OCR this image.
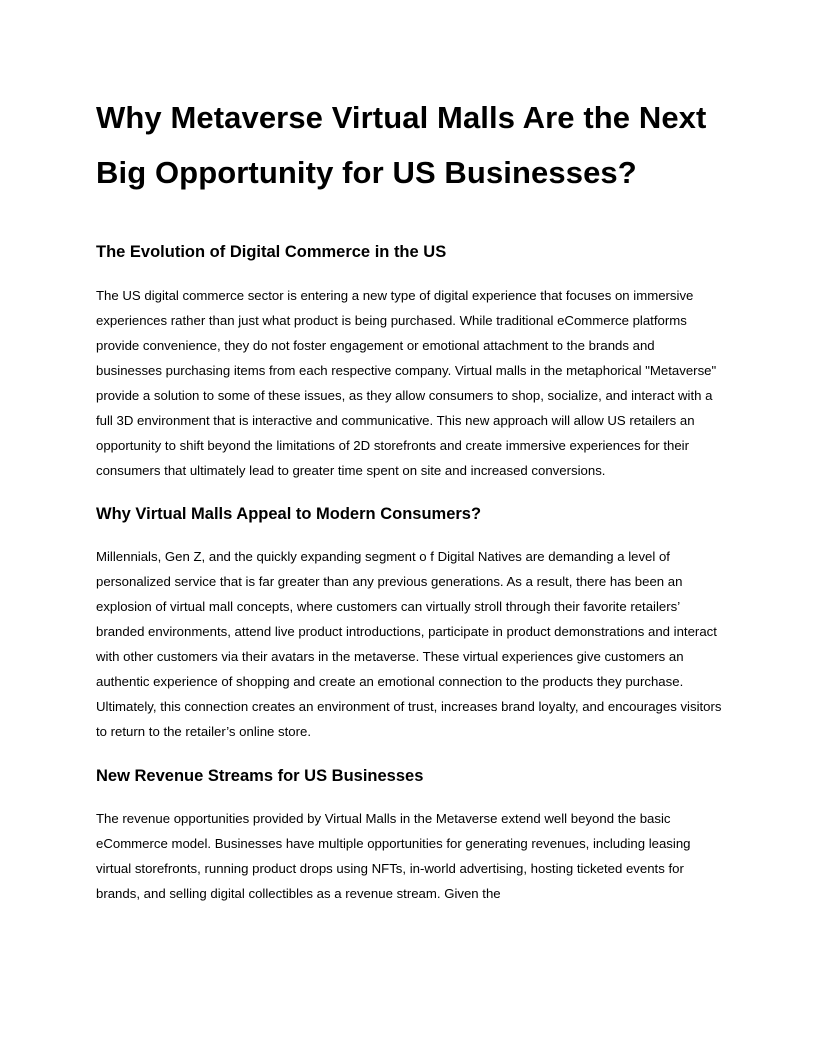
Why Metaverse Virtual Malls Are the Next Big Opportunity for US Businesses?
The Evolution of Digital Commerce in the US

The US digital commerce sector is entering a new type of digital experience that focuses on immersive experiences rather than just what product is being purchased. While traditional eCommerce platforms provide convenience, they do not foster engagement or emotional attachment to the brands and businesses purchasing items from each respective company. Virtual malls in the metaphorical "Metaverse" provide a solution to some of these issues, as they allow consumers to shop, socialize, and interact with a full 3D environment that is interactive and communicative. This new approach will allow US retailers an opportunity to shift beyond the limitations of 2D storefronts and create immersive experiences for their consumers that ultimately lead to greater time spent on site and increased conversions.

Why Virtual Malls Appeal to Modern Consumers?

Millennials, Gen Z, and the quickly expanding segment o f Digital Natives are demanding a level of personalized service that is far greater than any previous generations. As a result, there has been an explosion of virtual mall concepts, where customers can virtually stroll through their favorite retailers’ branded environments, attend live product introductions, participate in product demonstrations and interact with other customers via their avatars in the metaverse. These virtual experiences give customers an authentic experience of shopping and create an emotional connection to the products they purchase. Ultimately, this connection creates an environment of trust, increases brand loyalty, and encourages visitors to return to the retailer’s online store.

New Revenue Streams for US Businesses

The revenue opportunities provided by Virtual Malls in the Metaverse extend well beyond the basic eCommerce model. Businesses have multiple opportunities for generating revenues, including leasing virtual storefronts, running product drops using NFTs, in-world advertising, hosting ticketed events for brands, and selling digital collectibles as a revenue stream. Given the
